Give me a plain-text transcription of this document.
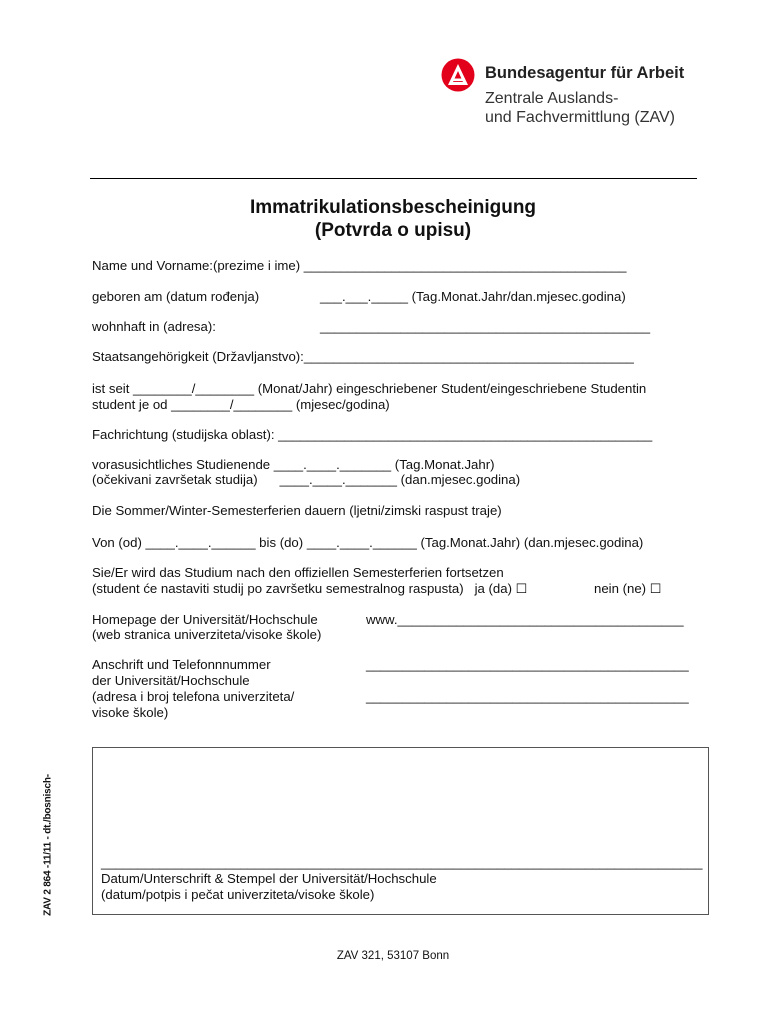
Bundesagentur für Arbeit
Zentrale Auslands-
und Fachvermittlung (ZAV)
Immatrikulationsbescheinigung
(Potvrda o upisu)
Name und Vorname:(prezime i ime) ____________________________________________
geboren am (datum rođenja)	___.___._____ (Tag.Monat.Jahr/dan.mjesec.godina)
wohnhaft in (adresa):	_____________________________________________
Staatsangehörigkeit (Državljanstvo):_____________________________________________
ist seit ________/________ (Monat/Jahr) eingeschriebener Student/eingeschriebene Studentin
student je od ________/________ (mjesec/godina)
Fachrichtung (studijska oblast): ___________________________________________________
vorasusichtliches Studienende ____.____._______ (Tag.Monat.Jahr)
(očekivani završetak studija)      ____.____._______ (dan.mjesec.godina)
Die Sommer/Winter-Semesterferien dauern (ljetni/zimski raspust traje)
Von (od) ____.____.______ bis (do) ____.____.______ (Tag.Monat.Jahr) (dan.mjesec.godina)
Sie/Er wird das Studium nach den offiziellen Semesterferien fortsetzen
(student će nastaviti studij po završetku semestralnog raspusta)   ja (da) ☐	nein (ne) ☐
Homepage der Universität/Hochschule
(web stranica univerziteta/visoke škole)
www._______________________________________
Anschrift und Telefonnnummer
der Universität/Hochschule
(adresa i broj telefona univerziteta/
visoke škole)
____________________________________________
____________________________________________
__________________________________________________________________________________
Datum/Unterschrift & Stempel der Universität/Hochschule
(datum/potpis i pečat univerziteta/visoke škole)
ZAV 2 864 -11/11 - dt./bosnisch-
ZAV 321, 53107 Bonn
